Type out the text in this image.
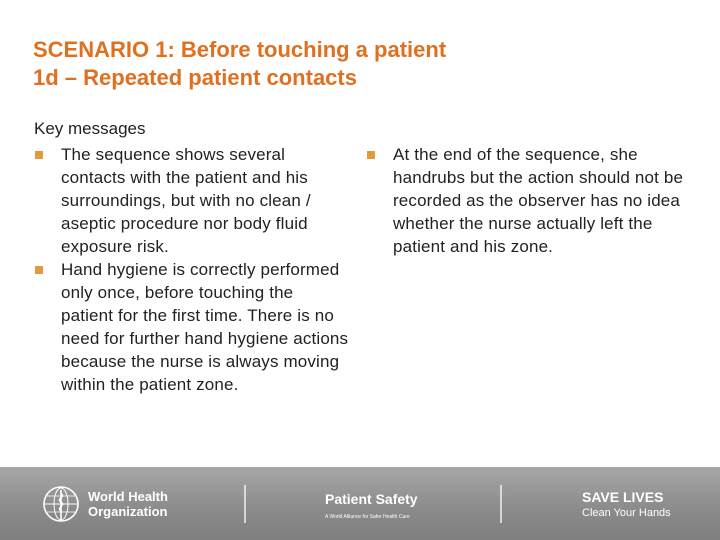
SCENARIO 1: Before touching a patient
1d – Repeated patient contacts
Key messages
The sequence shows several contacts with the patient and his surroundings, but with no clean / aseptic procedure nor body fluid exposure risk.
Hand hygiene is correctly performed only once, before touching the patient for the first time. There is no need for further hand hygiene actions because the nurse is always moving within the patient zone.
At the end of the sequence, she handrubs but the action should not be recorded as the observer has no idea whether the nurse actually left the patient and his zone.
World Health
Organization
Patient Safety
A World Alliance for Safer Health Care
SAVE LIVES
Clean Your Hands
